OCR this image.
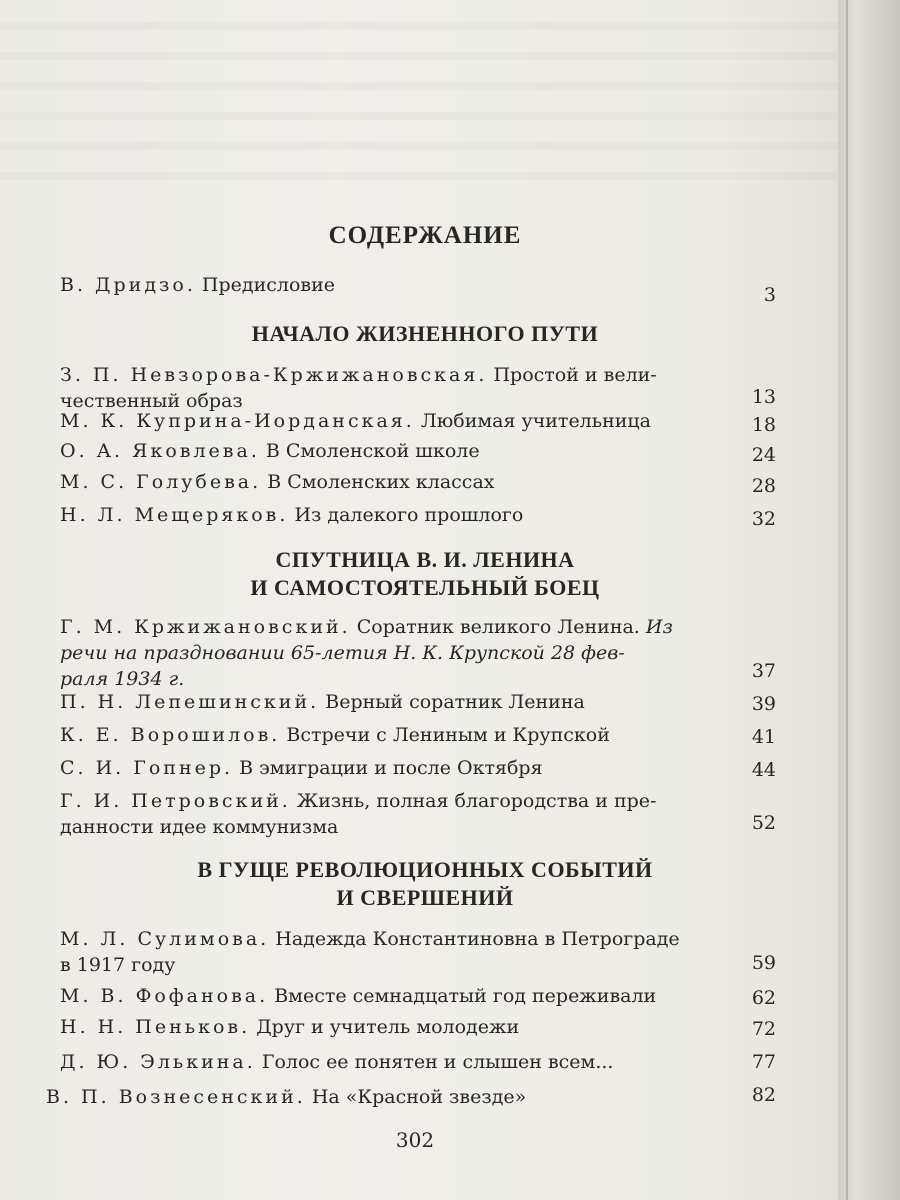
СОДЕРЖАНИЕ
В. Дридзо. Предисловие	3
НАЧАЛО ЖИЗНЕННОГО ПУТИ
З. П. Невзорова-Кржижановская. Простой и вели-
чественный образ	13
М. К. Куприна-Иорданская. Любимая учительница	18
О. А. Яковлева. В Смоленской школе	24
М. С. Голубева. В Смоленских классах	28
Н. Л. Мещеряков. Из далекого прошлого	32
СПУТНИЦА В. И. ЛЕНИНА
И САМОСТОЯТЕЛЬНЫЙ БОЕЦ
Г. М. Кржижановский. Соратник великого Ленина. Из
речи на праздновании 65-летия Н. К. Крупской 28 фев-
раля 1934 г.	37
П. Н. Лепешинский. Верный соратник Ленина	39
К. Е. Ворошилов. Встречи с Лениным и Крупской	41
С. И. Гопнер. В эмиграции и после Октября	44
Г. И. Петровский. Жизнь, полная благородства и пре-
данности идее коммунизма	52
В ГУЩЕ РЕВОЛЮЦИОННЫХ СОБЫТИЙ
И СВЕРШЕНИЙ
М. Л. Сулимова. Надежда Константиновна в Петрограде
в 1917 году	59
М. В. Фофанова. Вместе семнадцатый год переживали	62
Н. Н. Пеньков. Друг и учитель молодежи	72
Д. Ю. Элькина. Голос ее понятен и слышен всем...	77
В. П. Вознесенский. На «Красной звезде»	82
302
